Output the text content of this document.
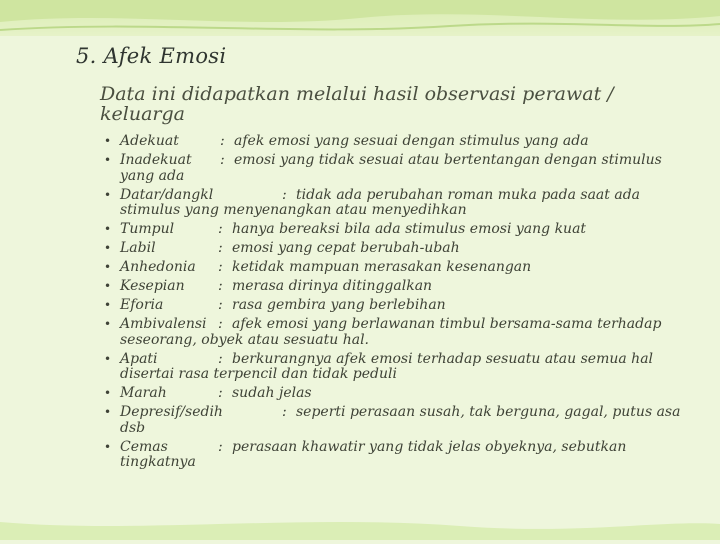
5. Afek Emosi
Data ini didapatkan melalui hasil observasi perawat / keluarga
• Adekuat	: afek emosi yang sesuai dengan stimulus yang ada
• Inadekuat : emosi yang tidak sesuai atau bertentangan dengan stimulus yang ada
• Datar/dangkl	: tidak ada perubahan roman muka pada saat ada stimulus yang menyenangkan atau menyedihkan
• Tumpul	: hanya bereaksi bila ada stimulus emosi yang kuat
• Labil	: emosi yang cepat berubah-ubah
• Anhedonia : ketidak mampuan merasakan kesenangan
• Kesepian : merasa dirinya ditinggalkan
• Eforia	: rasa gembira yang berlebihan
• Ambivalensi : afek emosi yang berlawanan timbul bersama-sama terhadap seseorang, obyek atau sesuatu hal.
• Apati	: berkurangnya afek emosi terhadap sesuatu atau semua hal disertai rasa terpencil dan tidak peduli
• Marah	: sudah jelas
• Depresif/sedih	: seperti perasaan susah, tak berguna, gagal, putus asa dsb
• Cemas	: perasaan khawatir yang tidak jelas obyeknya, sebutkan tingkatnya
